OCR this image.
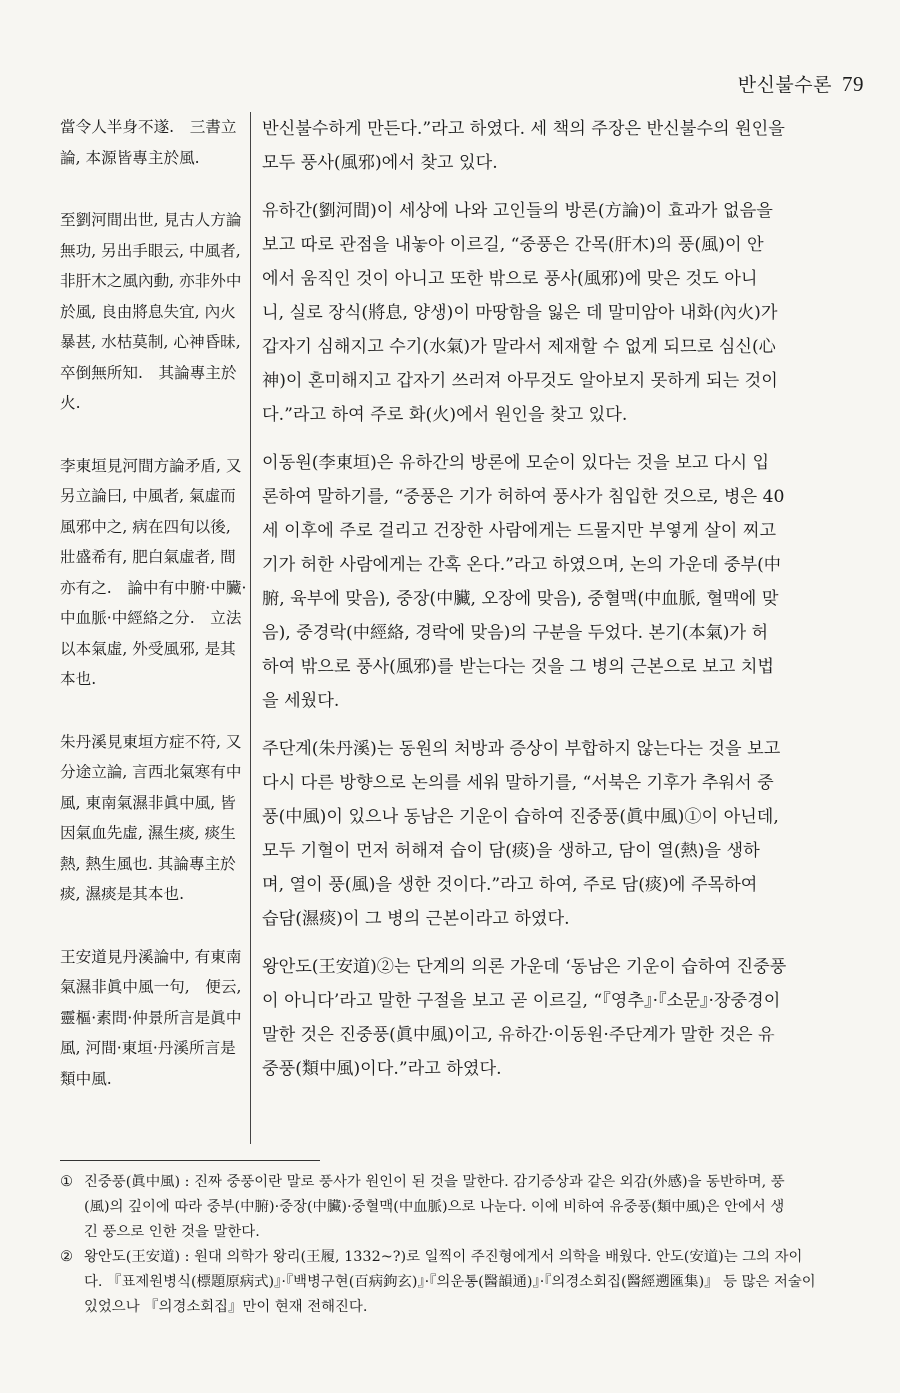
반신불수론 79
當令人半身不遂.　三書立
論, 本源皆專主於風.
至劉河間出世, 見古人方論
無功, 另出手眼云, 中風者,
非肝木之風內動, 亦非外中
於風, 良由將息失宜, 內火
暴甚, 水枯莫制, 心神昏昧,
卒倒無所知.　其論專主於
火.
李東垣見河間方論矛盾, 又
另立論曰, 中風者, 氣虛而
風邪中之, 病在四旬以後,
壯盛希有, 肥白氣虛者, 間
亦有之.　論中有中腑·中臟·
中血脈·中經絡之分.　立法
以本氣虛, 外受風邪, 是其
本也.
朱丹溪見東垣方症不符, 又
分途立論, 言西北氣寒有中
風, 東南氣濕非眞中風, 皆
因氣血先虛, 濕生痰, 痰生
熱, 熱生風也. 其論專主於
痰, 濕痰是其本也.
王安道見丹溪論中, 有東南
氣濕非眞中風一句,　便云,
靈樞·素問·仲景所言是眞中
風, 河間·東垣·丹溪所言是
類中風.
반신불수하게 만든다.”라고 하였다. 세 책의 주장은 반신불수의 원인을
모두 풍사(風邪)에서 찾고 있다.
유하간(劉河間)이 세상에 나와 고인들의 방론(方論)이 효과가 없음을
보고 따로 관점을 내놓아 이르길, “중풍은 간목(肝木)의 풍(風)이 안
에서 움직인 것이 아니고 또한 밖으로 풍사(風邪)에 맞은 것도 아니
니, 실로 장식(將息, 양생)이 마땅함을 잃은 데 말미암아 내화(內火)가
갑자기 심해지고 수기(水氣)가 말라서 제재할 수 없게 되므로 심신(心
神)이 혼미해지고 갑자기 쓰러져 아무것도 알아보지 못하게 되는 것이
다.”라고 하여 주로 화(火)에서 원인을 찾고 있다.
이동원(李東垣)은 유하간의 방론에 모순이 있다는 것을 보고 다시 입
론하여 말하기를, “중풍은 기가 허하여 풍사가 침입한 것으로, 병은 40
세 이후에 주로 걸리고 건장한 사람에게는 드물지만 부옇게 살이 찌고
기가 허한 사람에게는 간혹 온다.”라고 하였으며, 논의 가운데 중부(中
腑, 육부에 맞음), 중장(中臟, 오장에 맞음), 중혈맥(中血脈, 혈맥에 맞
음), 중경락(中經絡, 경락에 맞음)의 구분을 두었다. 본기(本氣)가 허
하여 밖으로 풍사(風邪)를 받는다는 것을 그 병의 근본으로 보고 치법
을 세웠다.
주단계(朱丹溪)는 동원의 처방과 증상이 부합하지 않는다는 것을 보고
다시 다른 방향으로 논의를 세워 말하기를, “서북은 기후가 추워서 중
풍(中風)이 있으나 동남은 기운이 습하여 진중풍(眞中風)①이 아닌데,
모두 기혈이 먼저 허해져 습이 담(痰)을 생하고, 담이 열(熱)을 생하
며, 열이 풍(風)을 생한 것이다.”라고 하여, 주로 담(痰)에 주목하여
습담(濕痰)이 그 병의 근본이라고 하였다.
왕안도(王安道)②는 단계의 의론 가운데 ‘동남은 기운이 습하여 진중풍
이 아니다’라고 말한 구절을 보고 곧 이르길, “『영추』·『소문』·장중경이
말한 것은 진중풍(眞中風)이고, 유하간·이동원·주단계가 말한 것은 유
중풍(類中風)이다.”라고 하였다.
① 진중풍(眞中風) : 진짜 중풍이란 말로 풍사가 원인이 된 것을 말한다. 감기증상과 같은 외감(外感)을 동반하며, 풍
(風)의 깊이에 따라 중부(中腑)·중장(中臟)·중혈맥(中血脈)으로 나눈다. 이에 비하여 유중풍(類中風)은 안에서 생
긴 풍으로 인한 것을 말한다.
② 왕안도(王安道) : 원대 의학가 왕리(王履, 1332~?)로 일찍이 주진형에게서 의학을 배웠다. 안도(安道)는 그의 자이
다. 『표제원병식(標題原病式)』·『백병구현(百病鉤玄)』·『의운통(醫韻通)』·『의경소회집(醫經遡匯集)』 등 많은 저술이
있었으나 『의경소회집』만이 현재 전해진다.
